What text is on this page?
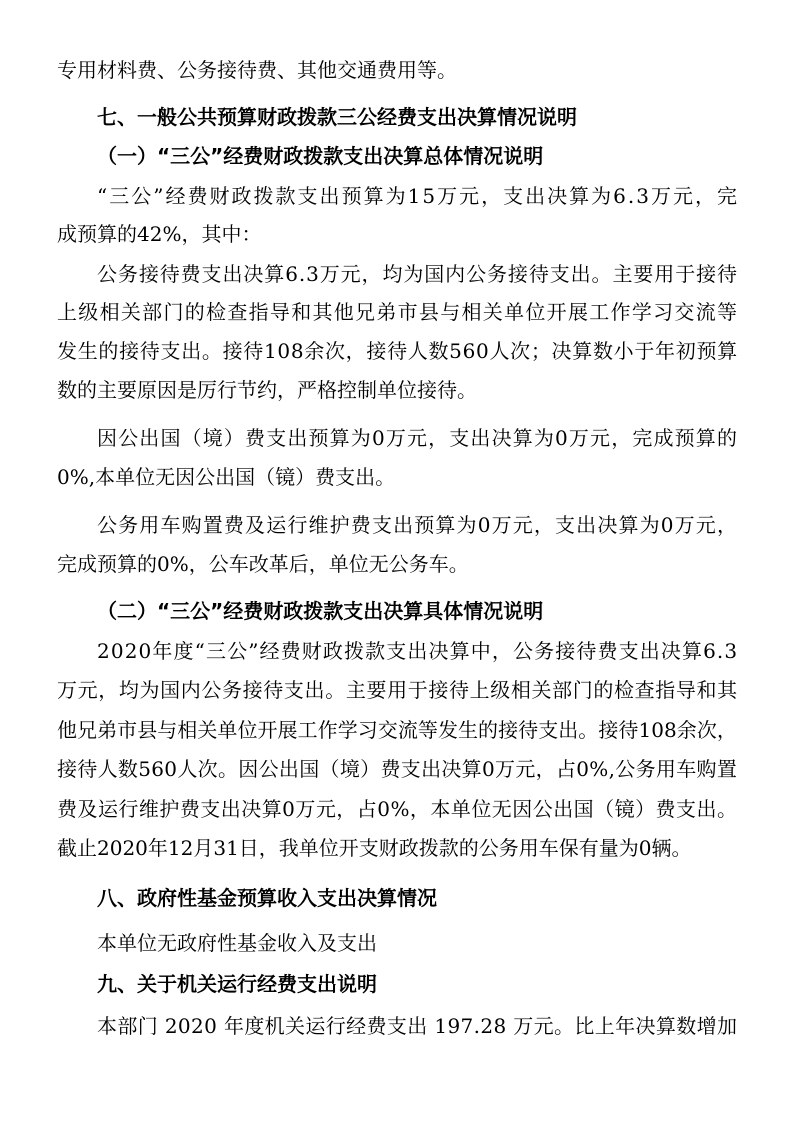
专用材料费、公务接待费、其他交通费用等。
七、一般公共预算财政拨款三公经费支出决算情况说明
（一）“三公”经费财政拨款支出决算总体情况说明
“三公”经费财政拨款支出预算为15万元，支出决算为6.3万元，完
成预算的42%，其中：
公务接待费支出决算6.3万元，均为国内公务接待支出。主要用于接待
上级相关部门的检查指导和其他兄弟市县与相关单位开展工作学习交流等
发生的接待支出。接待108余次，接待人数560人次；决算数小于年初预算
数的主要原因是厉行节约，严格控制单位接待。
因公出国（境）费支出预算为0万元，支出决算为0万元，完成预算的
0%,本单位无因公出国（镜）费支出。
公务用车购置费及运行维护费支出预算为0万元，支出决算为0万元，
完成预算的0%，公车改革后，单位无公务车。
（二）“三公”经费财政拨款支出决算具体情况说明
2020年度“三公”经费财政拨款支出决算中，公务接待费支出决算6.3
万元，均为国内公务接待支出。主要用于接待上级相关部门的检查指导和其
他兄弟市县与相关单位开展工作学习交流等发生的接待支出。接待108余次，
接待人数560人次。因公出国（境）费支出决算0万元，占0%,公务用车购置
费及运行维护费支出决算0万元，占0%，本单位无因公出国（镜）费支出。
截止2020年12月31日，我单位开支财政拨款的公务用车保有量为0辆。
八、政府性基金预算收入支出决算情况
本单位无政府性基金收入及支出
九、关于机关运行经费支出说明
本部门 2020 年度机关运行经费支出 197.28 万元。比上年决算数增加
